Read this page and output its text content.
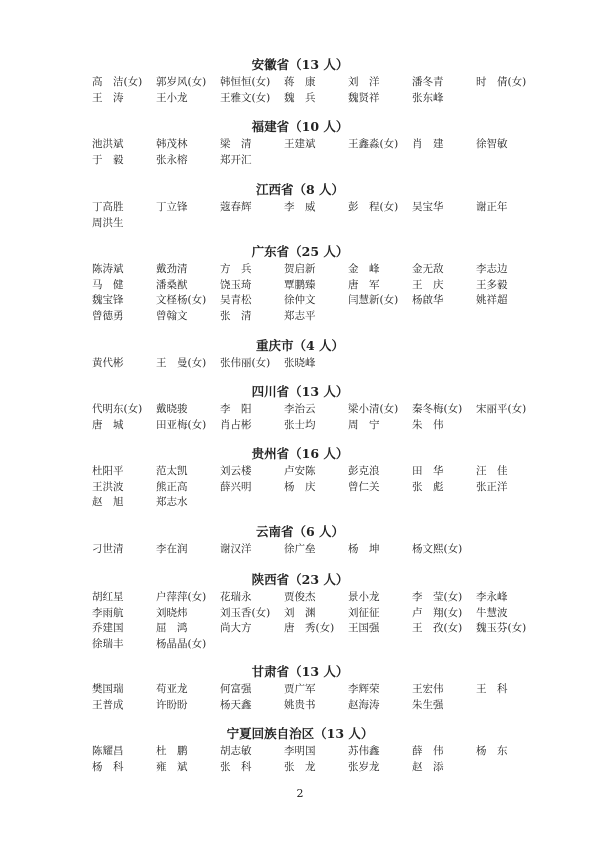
安徽省（13 人）
高　洁(女) 郭岁风(女) 韩恒恒(女) 蒋　康	刘　洋	潘冬青	时　倩(女)
王　涛	王小龙	王雅文(女) 魏　兵	魏贤祥	张东峰
福建省（10 人）
池洪斌	韩茂林	梁　清	王建斌	王鑫淼(女) 肖　建	徐智敏
于　毅	张永榕	郑开汇
江西省（8 人）
丁高胜	丁立锋	蔻春辉	李　威	彭　程(女) 吴宝华	谢正年
周洪生
广东省（25 人）
陈涛斌	戴劲清	方　兵	贺启新	金　峰	金无敌	李志边
马　健	潘桑猷	饶玉琦	覃鹏臻	唐　军	王　庆	王多毅
魏宝锋	文柽杨(女) 吴青松	徐仲文	闫慧新(女) 杨啟华	姚祥超
曾德勇	曾翰文	张　清	郑志平
重庆市（4 人）
黄代彬	王　曼(女) 张伟丽(女) 张晓峰
四川省（13 人）
代明东(女) 戴晓骏	李　阳	李治云	梁小清(女) 秦冬梅(女) 宋丽平(女)
唐　城	田亚梅(女) 肖占彬	张士均	周　宁	朱　伟
贵州省（16 人）
杜阳平	范太凯	刘云楼	卢安陈	彭克浪	田　华	汪　佳
王洪波	熊正高	薛兴明	杨　庆	曾仁关	张　彪	张正洋
赵　旭	郑志水
云南省（6 人）
刁世清	李在润	谢汉洋	徐广垒	杨　坤	杨文熙(女)
陕西省（23 人）
胡红星	户萍萍(女) 花瑞永	贾俊杰	景小龙	李　莹(女) 李永峰
李雨航	刘晓炜	刘玉香(女) 刘　渊	刘征征	卢　翔(女) 牛慧波
乔建国	屈　鸿	尚大方	唐　秀(女) 王国强	王　孜(女) 魏玉芬(女)
徐瑞丰	杨晶晶(女)
甘肃省（13 人）
樊国瑞	苟亚龙	何富强	贾广军	李辉荣	王宏伟	王　科
王普成	许盼盼	杨天鑫	姚贵书	赵海涛	朱生强
宁夏回族自治区（13 人）
陈耀昌	杜　鹏	胡志敏	李明国	苏伟鑫	薛　伟	杨　东
杨　科	雍　斌	张　科	张　龙	张岁龙	赵　添
2
